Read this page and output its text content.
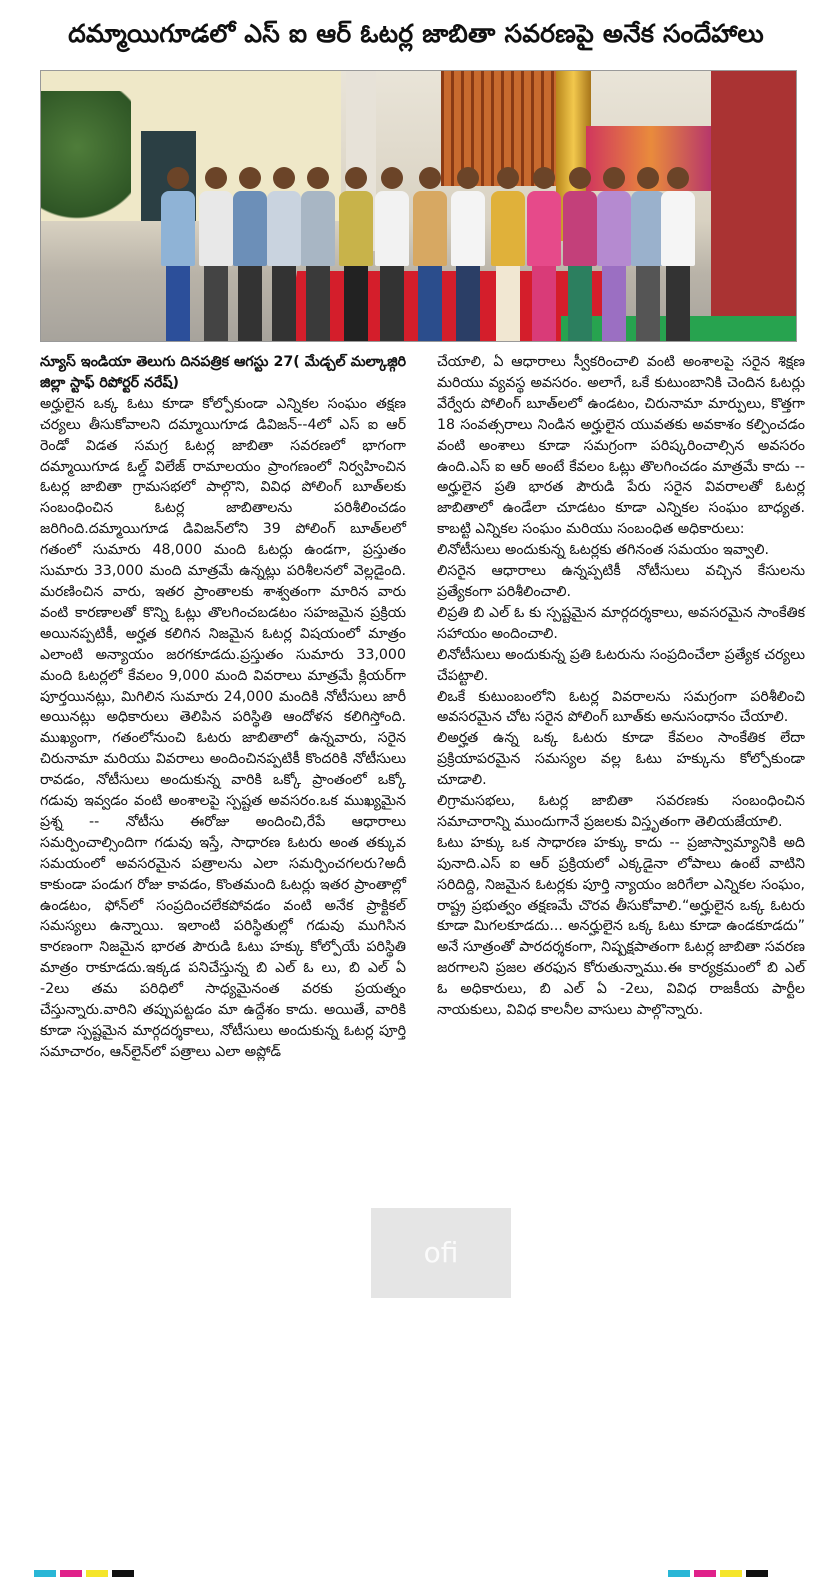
దమ్మాయిగూడలో ఎస్ ఐ ఆర్ ఓటర్ల జాబితా సవరణపై అనేక సందేహాలు

న్యూస్ ఇండియా తెలుగు దినపత్రిక ఆగస్టు 27( మేడ్చల్ మల్కాజ్గిరి జిల్లా స్టాఫ్ రిపోర్టర్ నరేష్)

అర్హులైన ఒక్క ఓటు కూడా కోల్పోకుండా ఎన్నికల సంఘం తక్షణ చర్యలు తీసుకోవాలని దమ్మాయిగూడ డివిజన్--4లో ఎస్ ఐ ఆర్ రెండో విడత సమగ్ర ఓటర్ల జాబితా సవరణలో భాగంగా దమ్మాయిగూడ ఓల్డ్ విలేజ్ రామాలయం ప్రాంగణంలో నిర్వహించిన ఓటర్ల జాబితా గ్రామసభలో పాల్గొని, వివిధ పోలింగ్ బూత్‌లకు సంబంధించిన ఓటర్ల జాబితాలను పరిశీలించడం జరిగింది.దమ్మాయిగూడ డివిజన్‌లోని 39 పోలింగ్ బూత్‌లలో గతంలో సుమారు 48,000 మంది ఓటర్లు ఉండగా, ప్రస్తుతం సుమారు 33,000 మంది మాత్రమే ఉన్నట్లు పరిశీలనలో వెల్లడైంది. మరణించిన వారు, ఇతర ప్రాంతాలకు శాశ్వతంగా మారిన వారు వంటి కారణాలతో కొన్ని ఓట్లు తొలగించబడటం సహజమైన ప్రక్రియ అయినప్పటికీ, అర్హత కలిగిన నిజమైన ఓటర్ల విషయంలో మాత్రం ఎలాంటి అన్యాయం జరగకూడదు.ప్రస్తుతం సుమారు 33,000 మంది ఓటర్లలో కేవలం 9,000 మంది వివరాలు మాత్రమే క్లియర్‌గా పూర్తయినట్లు, మిగిలిన సుమారు 24,000 మందికి నోటీసులు జారీ అయినట్లు అధికారులు తెలిపిన పరిస్థితి ఆందోళన కలిగిస్తోంది. ముఖ్యంగా, గతంలోనుంచి ఓటరు జాబితాలో ఉన్నవారు, సరైన చిరునామా మరియు వివరాలు అందించినప్పటికీ కొందరికి నోటీసులు రావడం, నోటీసులు అందుకున్న వారికి ఒక్కో ప్రాంతంలో ఒక్కో గడువు ఇవ్వడం వంటి అంశాలపై స్పష్టత అవసరం.ఒక ముఖ్యమైన ప్రశ్న -- నోటీసు ఈరోజు అందించి,రేపే ఆధారాలు సమర్పించాల్సిందిగా గడువు ఇస్తే, సాధారణ ఓటరు అంత తక్కువ సమయంలో అవసరమైన పత్రాలను ఎలా సమర్పించగలరు?అదీ కాకుండా పండుగ రోజు కావడం, కొంతమంది ఓటర్లు ఇతర ప్రాంతాల్లో ఉండటం, ఫోన్‌లో సంప్రదించలేకపోవడం వంటి అనేక ప్రాక్టికల్ సమస్యలు ఉన్నాయి. ఇలాంటి పరిస్థితుల్లో గడువు ముగిసిన కారణంగా నిజమైన భారత పౌరుడి ఓటు హక్కు కోల్పోయే పరిస్థితి మాత్రం రాకూడదు.ఇక్కడ పనిచేస్తున్న బి ఎల్ ఓ లు, బి ఎల్ ఏ -2లు తమ పరిధిలో సాధ్యమైనంత వరకు ప్రయత్నం చేస్తున్నారు.వారిని తప్పుపట్టడం మా ఉద్దేశం కాదు. అయితే, వారికి కూడా స్పష్టమైన మార్గదర్శకాలు, నోటీసులు అందుకున్న ఓటర్ల పూర్తి సమాచారం, ఆన్‌లైన్‌లో పత్రాలు ఎలా అప్లోడ్

చేయాలి, ఏ ఆధారాలు స్వీకరించాలి వంటి అంశాలపై సరైన శిక్షణ మరియు వ్యవస్థ అవసరం. అలాగే, ఒకే కుటుంబానికి చెందిన ఓటర్లు వేర్వేరు పోలింగ్ బూత్‌లలో ఉండటం, చిరునామా మార్పులు, కొత్తగా 18 సంవత్సరాలు నిండిన అర్హులైన యువతకు అవకాశం కల్పించడం వంటి అంశాలు కూడా సమగ్రంగా పరిష్కరించాల్సిన అవసరం ఉంది.ఎస్ ఐ ఆర్ అంటే కేవలం ఓట్లు తొలగించడం మాత్రమే కాదు -- అర్హులైన ప్రతి భారత పౌరుడి పేరు సరైన వివరాలతో ఓటర్ల జాబితాలో ఉండేలా చూడటం కూడా ఎన్నికల సంఘం బాధ్యత. కాబట్టి ఎన్నికల సంఘం మరియు సంబంధిత అధికారులు:

లినోటీసులు అందుకున్న ఓటర్లకు తగినంత సమయం ఇవ్వాలి.

లిసరైన ఆధారాలు ఉన్నప్పటికీ నోటీసులు వచ్చిన కేసులను ప్రత్యేకంగా పరిశీలించాలి.

లిప్రతి బి ఎల్ ఓ కు స్పష్టమైన మార్గదర్శకాలు, అవసరమైన సాంకేతిక సహాయం అందించాలి.

లినోటీసులు అందుకున్న ప్రతి ఓటరును సంప్రదించేలా ప్రత్యేక చర్యలు చేపట్టాలి.

లిఒకే కుటుంబంలోని ఓటర్ల వివరాలను సమగ్రంగా పరిశీలించి అవసరమైన చోట సరైన పోలింగ్ బూత్‌కు అనుసంధానం చేయాలి.

లిఅర్హత ఉన్న ఒక్క ఓటరు కూడా కేవలం సాంకేతిక లేదా ప్రక్రియాపరమైన సమస్యల వల్ల ఓటు హక్కును కోల్పోకుండా చూడాలి.

లిగ్రామసభలు, ఓటర్ల జాబితా సవరణకు సంబంధించిన సమాచారాన్ని ముందుగానే ప్రజలకు విస్తృతంగా తెలియజేయాలి.

ఓటు హక్కు ఒక సాధారణ హక్కు కాదు -- ప్రజాస్వామ్యానికి అది పునాది.ఎస్ ఐ ఆర్ ప్రక్రియలో ఎక్కడైనా లోపాలు ఉంటే వాటిని సరిదిద్ది, నిజమైన ఓటర్లకు పూర్తి న్యాయం జరిగేలా ఎన్నికల సంఘం, రాష్ట్ర ప్రభుత్వం తక్షణమే చొరవ తీసుకోవాలి.“అర్హులైన ఒక్క ఓటరు కూడా మిగలకూడదు... అనర్హులైన ఒక్క ఓటు కూడా ఉండకూడదు” అనే సూత్రంతో పారదర్శకంగా, నిష్పక్షపాతంగా ఓటర్ల జాబితా సవరణ జరగాలని ప్రజల తరఫున కోరుతున్నాము.ఈ కార్యక్రమంలో బి ఎల్ ఓ అధికారులు, బి ఎల్ ఏ -2లు, వివిధ రాజకీయ పార్టీల నాయకులు, వివిధ కాలనీల వాసులు పాల్గొన్నారు.

ofi
